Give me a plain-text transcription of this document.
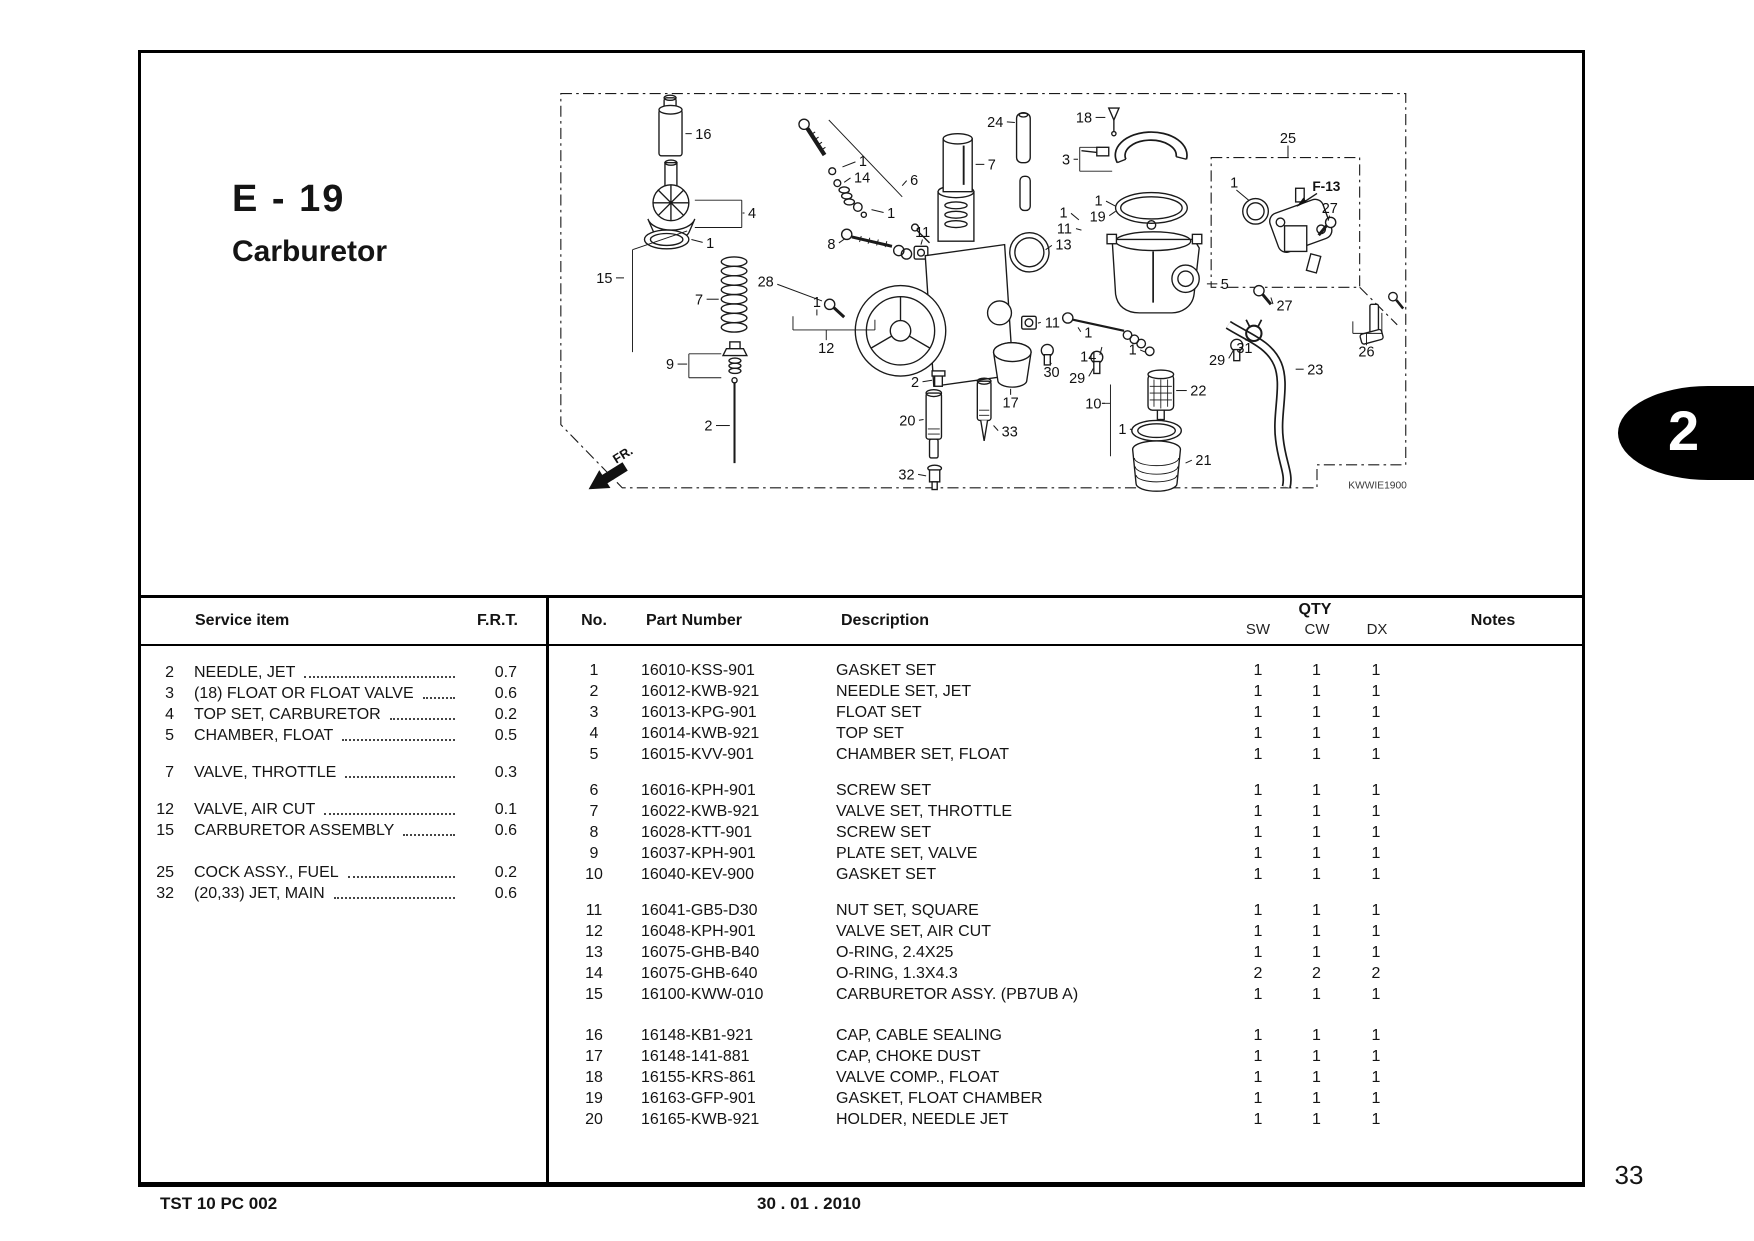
E - 19
Carburetor
FR.
F-13
KWWIE1900
16
24	18
3
7
25
1
27
1
19
6
1
14
1
4
1	8
11
1
11
13
15	28
7	1
12
9
2
2
20
33
32
17	10
22
1
21
30 29
29
1	31
23
11
1
14
5
27
26
Service item	F.R.T.	No. Part Number	Description
QTY
SW CW DX
Notes
2 NEEDLE, JET	0.7
3 (18) FLOAT OR FLOAT VALVE	0.6
4 TOP SET, CARBURETOR	0.2
5 CHAMBER, FLOAT	0.5
7 VALVE, THROTTLE	0.3
12 VALVE, AIR CUT	0.1
15 CARBURETOR ASSEMBLY	0.6
25 COCK ASSY., FUEL	0.2
32 (20,33) JET, MAIN	0.6
1	16010-KSS-901	GASKET SET	1	1	1
2	16012-KWB-921	NEEDLE SET, JET	1	1	1
3	16013-KPG-901	FLOAT SET	1	1	1
4	16014-KWB-921	TOP SET	1	1	1
5	16015-KVV-901	CHAMBER SET, FLOAT	1	1	1
6	16016-KPH-901	SCREW SET	1	1	1
7	16022-KWB-921	VALVE SET, THROTTLE	1	1	1
8	16028-KTT-901	SCREW SET	1	1	1
9	16037-KPH-901	PLATE SET, VALVE	1	1	1
10	16040-KEV-900	GASKET SET	1	1	1
11	16041-GB5-D30	NUT SET, SQUARE	1	1	1
12	16048-KPH-901	VALVE SET, AIR CUT	1	1	1
13	16075-GHB-B40	O-RING, 2.4X25	1	1	1
14	16075-GHB-640	O-RING, 1.3X4.3	2	2	2
15	16100-KWW-010	CARBURETOR ASSY. (PB7UB A)	1	1	1
16	16148-KB1-921	CAP, CABLE SEALING	1	1	1
17	16148-141-881	CAP, CHOKE DUST	1	1	1
18	16155-KRS-861	VALVE COMP., FLOAT	1	1	1
19	16163-GFP-901	GASKET, FLOAT CHAMBER	1	1	1
20	16165-KWB-921	HOLDER, NEEDLE JET	1	1	1
TST 10 PC 002	30 . 01 . 2010
33
2
